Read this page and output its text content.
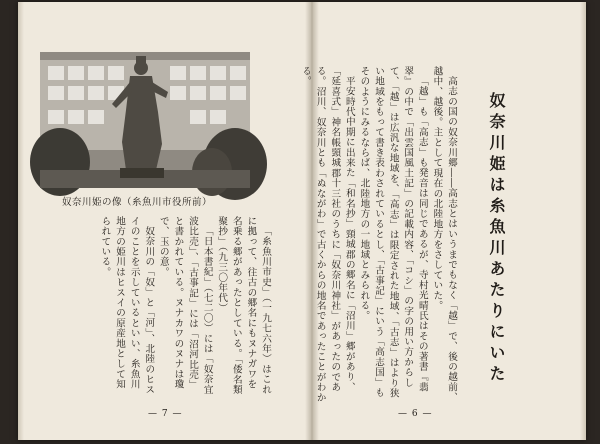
奴奈川姫の像（糸魚川市役所前）

「糸魚川市史」（一九七六年）はこれに拠って、往古の郷名にもヌナガワを名乗る郷があったとしている。「倭名類聚抄」（九三〇年代）

「日本書紀」（七二〇）には「奴奈宜波比売」、「古事記」には「沼河比売」と書かれている。ヌナカワのヌナは瓊で、玉の意。

奴奈川の「奴」と「河」、北陸のヒスイのことを示しているといい、糸魚川地方の姫川はヒスイの原産地として知られている。	高志の国の奴奈川郷――高志とはいうまでもなく「越」で、後の越前、越中、越後。主として現在の北陸地方をさしていた。

「越」も「高志」も発音は同じであるが、寺村光晴氏はその著書『翡翠』の中で「出雲国風土記」の記載内容、「コシ」の字の用い方からして、「越」は広汎な地域を、「高志」は限定された地域、「古志」はより狭い地域をもって書き表わされているとし、「古事記」にいう「高志国」もそのようにみるならば、北陸地方の一地域とみられる。

平安時代中期に出来た「和名抄」頸城郡の郷名に「沼川」郷があり、「延喜式」神名帳頸城郡十三社のうちに「奴奈川神社」があったのである。沼川、奴奈川とも「ぬながわ」で古くからの地名であったことがわかる。

奴奈川姫は糸魚川あたりにいた
— 7 —	— 6 —
